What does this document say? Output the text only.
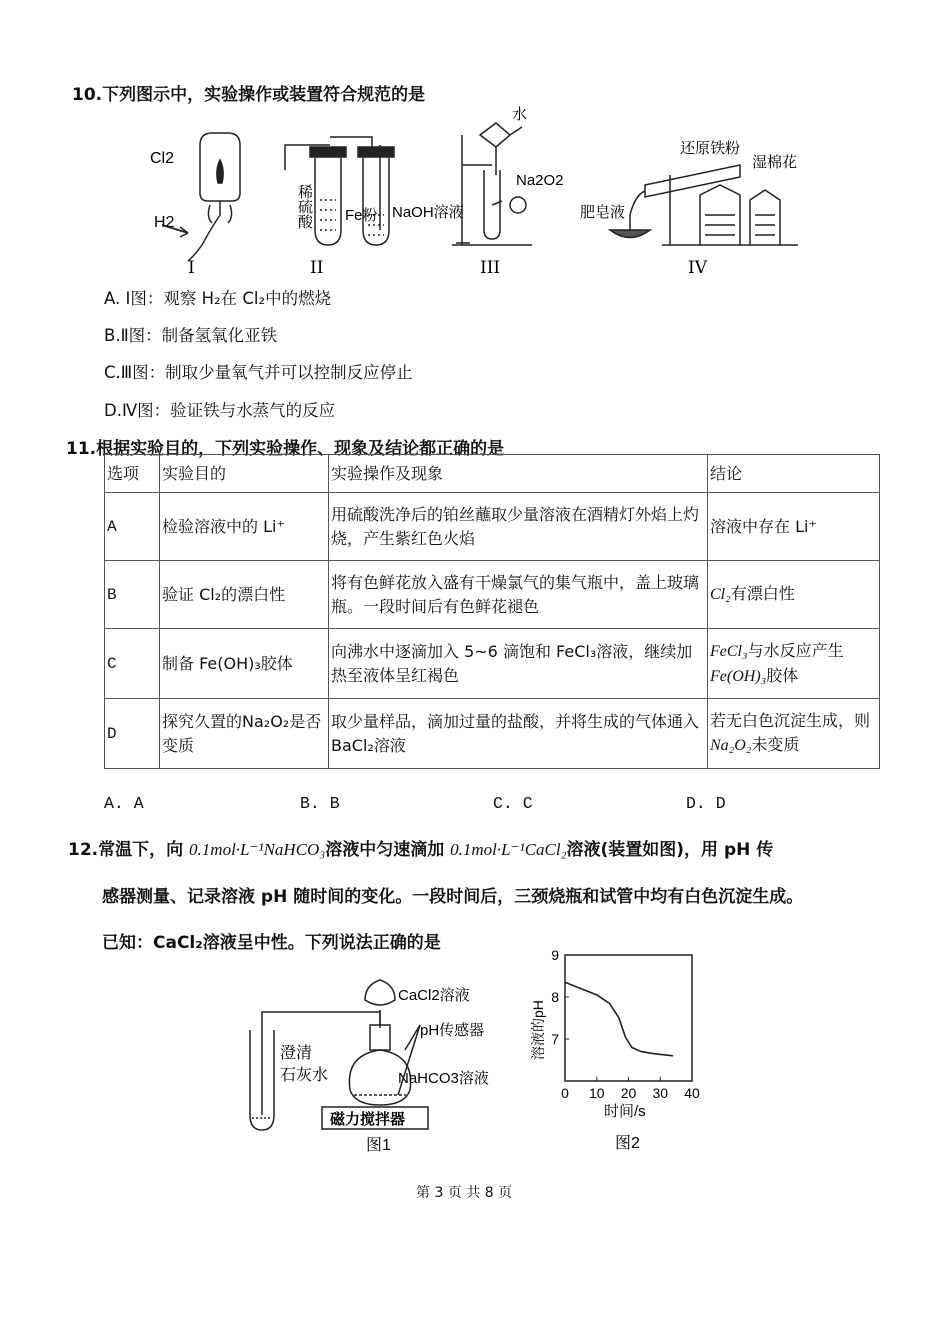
10.下列图示中，实验操作或装置符合规范的是
Cl2
H2
I
稀硫酸
Fe粉 NaOH溶液
II
水
Na2O2
III
还原铁粉
湿棉花
肥皂液
IV
A. Ⅰ图：观察 H₂在 Cl₂中的燃烧
B.Ⅱ图：制备氢氧化亚铁
C.Ⅲ图：制取少量氧气并可以控制反应停止
D.Ⅳ图：验证铁与水蒸气的反应
11.根据实验目的，下列实验操作、现象及结论都正确的是
选项	实验目的	实验操作及现象	结论
A	检验溶液中的 Li⁺	用硫酸洗净后的铂丝蘸取少量溶液在酒精灯外焰上灼烧，产生紫红色火焰	溶液中存在 Li⁺
B	验证 Cl₂的漂白性	将有色鲜花放入盛有干燥氯气的集气瓶中，盖上玻璃瓶。一段时间后有色鲜花褪色	Cl₂有漂白性
C	制备 Fe(OH)₃胶体	向沸水中逐滴加入 5~6 滴饱和 FeCl₃溶液，继续加热至液体呈红褐色	FeCl₃与水反应产生
Fe(OH)₃胶体
D	探究久置的Na₂O₂是否变质	取少量样品，滴加过量的盐酸，并将生成的气体通入 BaCl₂溶液	若无白色沉淀生成，则
Na₂O₂未变质
A. A	B. B	C. C	D. D
12.常温下，向 0.1mol·L⁻¹NaHCO₃溶液中匀速滴加 0.1mol·L⁻¹CaCl₂溶液(装置如图)，用 pH 传
感器测量、记录溶液 pH 随时间的变化。一段时间后，三颈烧瓶和试管中均有白色沉淀生成。
已知：CaCl₂溶液呈中性。下列说法正确的是
CaCl2溶液
pH传感器
澄清
石灰水	NaHCO3溶液
磁力搅拌器
图1
0 10 20 30 40
7
8
9
溶液的pH
时间/s
图2
第 3 页 共 8 页
